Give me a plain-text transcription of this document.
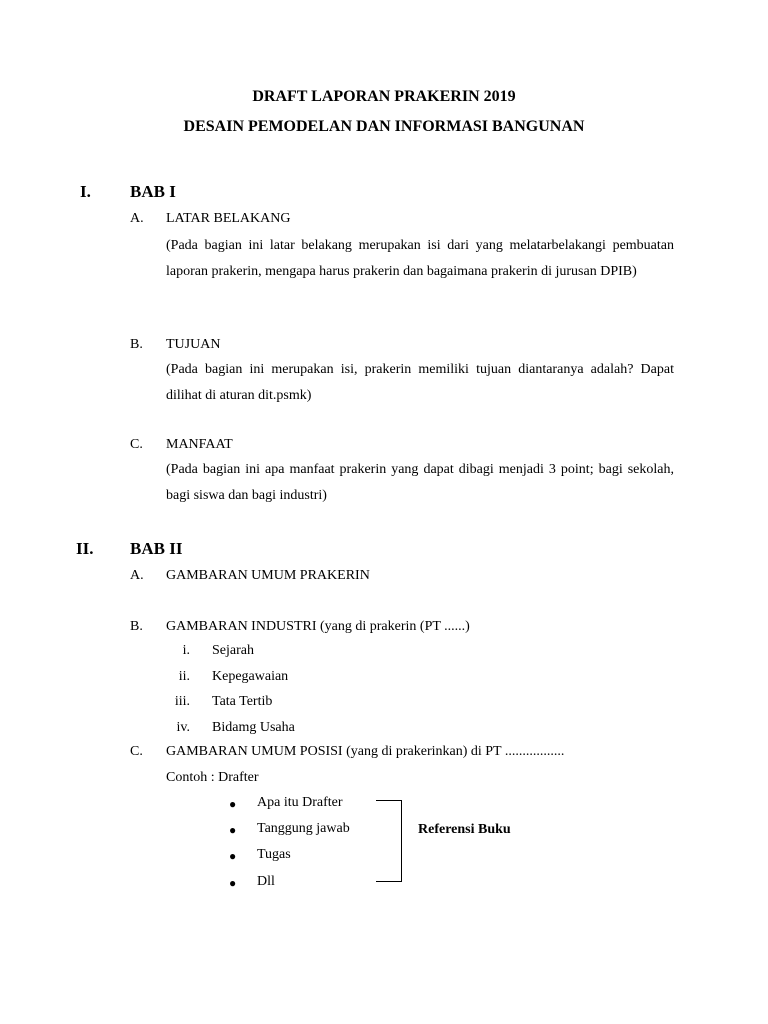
DRAFT LAPORAN PRAKERIN 2019
DESAIN PEMODELAN DAN INFORMASI BANGUNAN
I. BAB I
A. LATAR BELAKANG
(Pada bagian ini latar belakang merupakan isi dari yang melatarbelakangi pembuatan laporan prakerin, mengapa harus prakerin dan bagaimana prakerin di jurusan DPIB)
B. TUJUAN
(Pada bagian ini merupakan isi, prakerin memiliki tujuan diantaranya adalah? Dapat dilihat di aturan dit.psmk)
C. MANFAAT
(Pada bagian ini apa manfaat prakerin yang dapat dibagi menjadi 3 point; bagi sekolah, bagi siswa dan bagi industri)
II. BAB II
A. GAMBARAN UMUM PRAKERIN
B. GAMBARAN INDUSTRI (yang di prakerin (PT ......)
i. Sejarah
ii. Kepegawaian
iii. Tata Tertib
iv. Bidamg Usaha
C. GAMBARAN UMUM POSISI (yang di prakerinkan) di PT .................
Contoh : Drafter
● Apa itu Drafter
● Tanggung jawab
● Tugas
● Dll
Referensi Buku
